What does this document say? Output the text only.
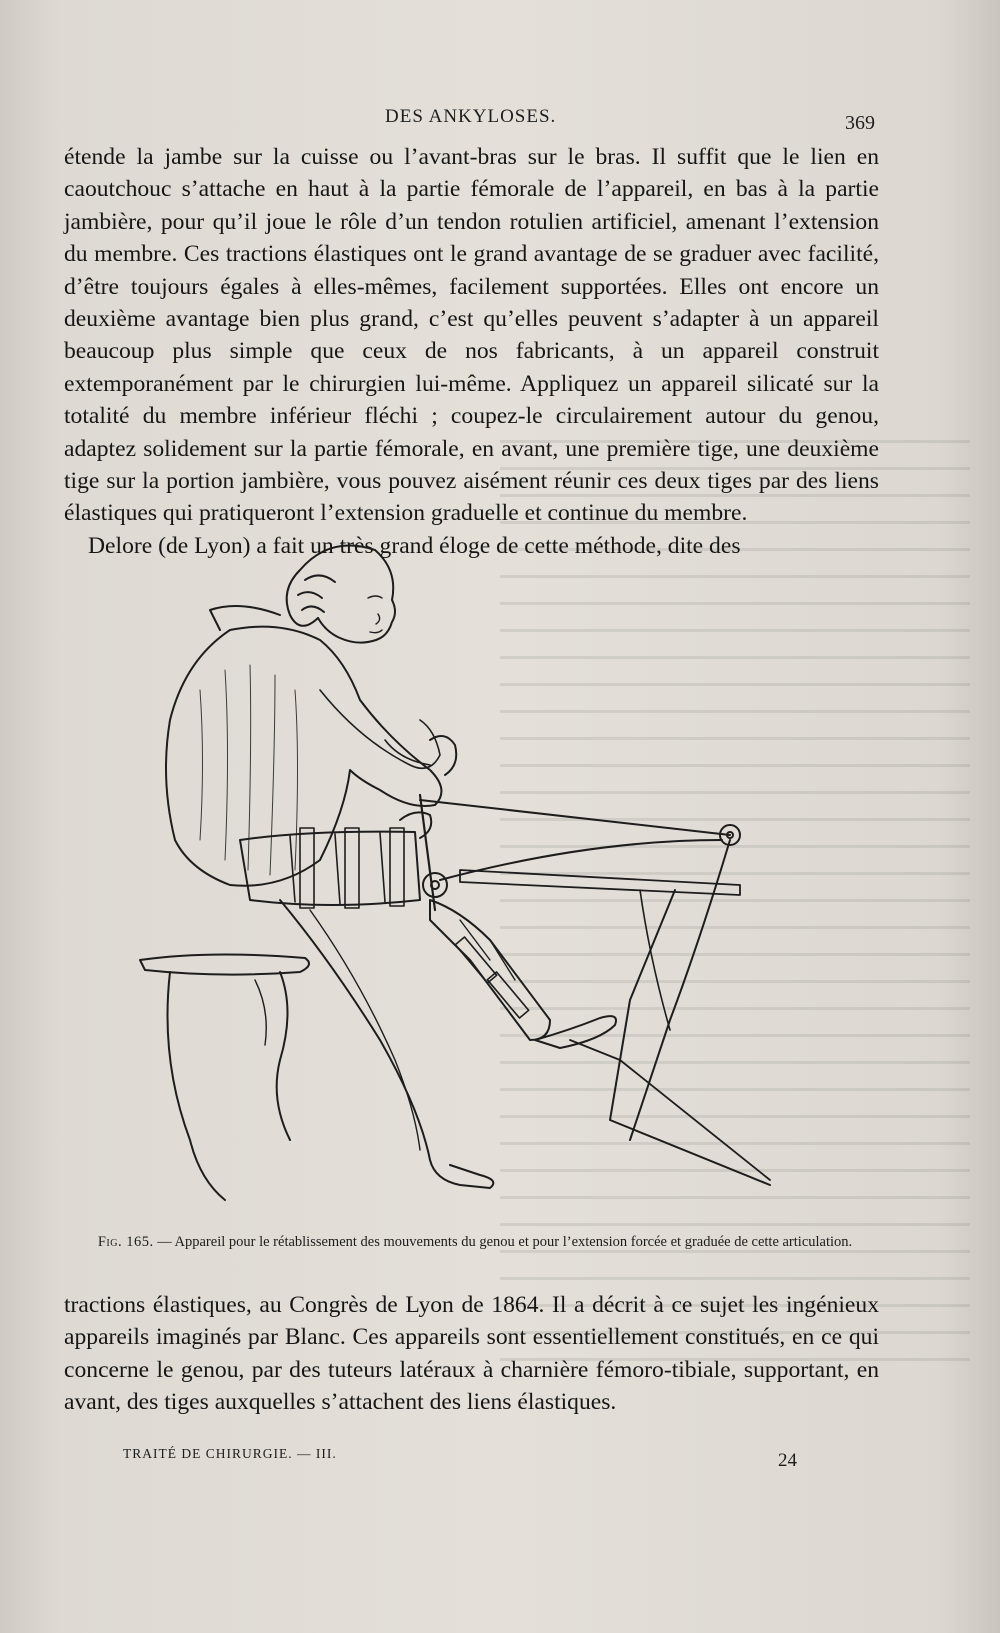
DES ANKYLOSES.	369

étende la jambe sur la cuisse ou l’avant-bras sur le bras. Il suffit que le lien en caoutchouc s’attache en haut à la partie fémorale de l’appareil, en bas à la partie jambière, pour qu’il joue le rôle d’un tendon rotulien artificiel, amenant l’extension du membre. Ces tractions élastiques ont le grand avantage de se graduer avec facilité, d’être toujours égales à elles-mêmes, facilement supportées. Elles ont encore un deuxième avantage bien plus grand, c’est qu’elles peuvent s’adapter à un appareil beaucoup plus simple que ceux de nos fabricants, à un appareil construit extemporanément par le chirurgien lui-même. Appliquez un appareil silicaté sur la totalité du membre inférieur fléchi ; coupez-le circulairement autour du genou, adaptez solidement sur la partie fémorale, en avant, une première tige, une deuxième tige sur la portion jambière, vous pouvez aisément réunir ces deux tiges par des liens élastiques qui pratiqueront l’extension graduelle et continue du membre.

Delore (de Lyon) a fait un très grand éloge de cette méthode, dite des

Fig. 165. — Appareil pour le rétablissement des mouvements du genou et pour l’extension forcée et graduée de cette articulation.

tractions élastiques, au Congrès de Lyon de 1864. Il a décrit à ce sujet les ingénieux appareils imaginés par Blanc. Ces appareils sont essentiellement constitués, en ce qui concerne le genou, par des tuteurs latéraux à charnière fémoro-tibiale, supportant, en avant, des tiges auxquelles s’attachent des liens élastiques.

TRAITÉ DE CHIRURGIE. — III.	24
